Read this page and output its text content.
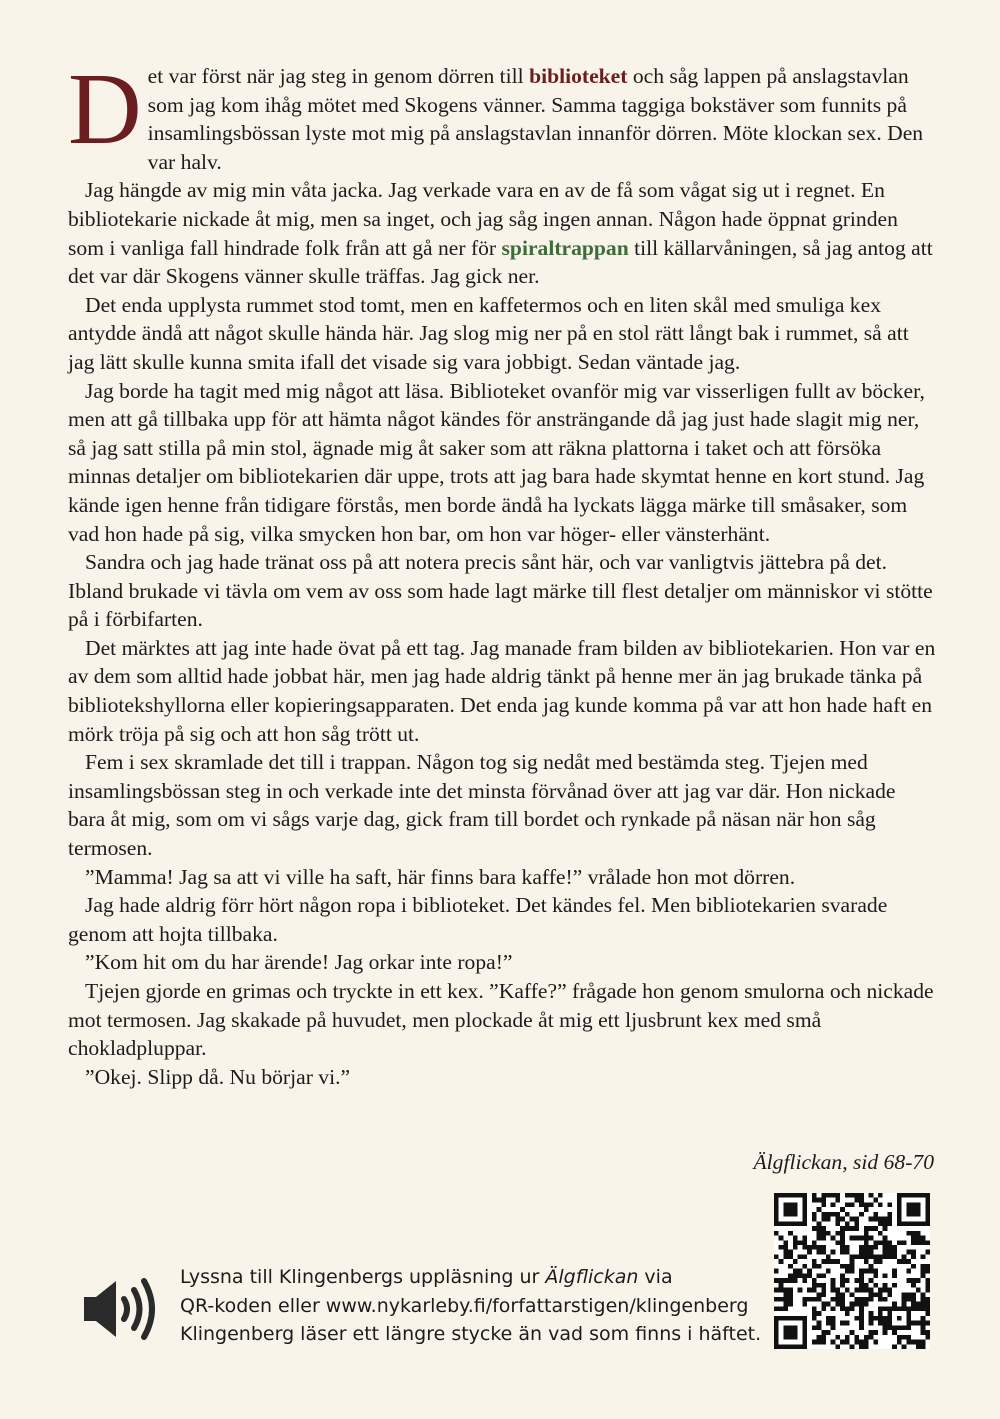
Det var först när jag steg in genom dörren till biblioteket och såg lappen på anslagstavlan som jag kom ihåg mötet med Skogens vänner. Samma taggiga bokstäver som funnits på insamlingsbössan lyste mot mig på anslagstavlan innanför dörren. Möte klockan sex. Den var halv.

Jag hängde av mig min våta jacka. Jag verkade vara en av de få som vågat sig ut i regnet. En bibliotekarie nickade åt mig, men sa inget, och jag såg ingen annan. Någon hade öppnat grinden som i vanliga fall hindrade folk från att gå ner för spiraltrappan till källarvåningen, så jag antog att det var där Skogens vänner skulle träffas. Jag gick ner.

Det enda upplysta rummet stod tomt, men en kaffetermos och en liten skål med smuliga kex antydde ändå att något skulle hända här. Jag slog mig ner på en stol rätt långt bak i rummet, så att jag lätt skulle kunna smita ifall det visade sig vara jobbigt. Sedan väntade jag.

Jag borde ha tagit med mig något att läsa. Biblioteket ovanför mig var visserligen fullt av böcker, men att gå tillbaka upp för att hämta något kändes för ansträngande då jag just hade slagit mig ner, så jag satt stilla på min stol, ägnade mig åt saker som att räkna plattorna i taket och att försöka minnas detaljer om bibliotekarien där uppe, trots att jag bara hade skymtat henne en kort stund. Jag kände igen henne från tidigare förstås, men borde ändå ha lyckats lägga märke till småsaker, som vad hon hade på sig, vilka smycken hon bar, om hon var höger- eller vänsterhänt.

Sandra och jag hade tränat oss på att notera precis sånt här, och var vanligtvis jättebra på det. Ibland brukade vi tävla om vem av oss som hade lagt märke till flest detaljer om människor vi stötte på i förbifarten.

Det märktes att jag inte hade övat på ett tag. Jag manade fram bilden av bibliotekarien. Hon var en av dem som alltid hade jobbat här, men jag hade aldrig tänkt på henne mer än jag brukade tänka på bibliotekshyllorna eller kopieringsapparaten. Det enda jag kunde komma på var att hon hade haft en mörk tröja på sig och att hon såg trött ut.

Fem i sex skramlade det till i trappan. Någon tog sig nedåt med bestämda steg. Tjejen med insamlingsbössan steg in och verkade inte det minsta förvånad över att jag var där. Hon nickade bara åt mig, som om vi sågs varje dag, gick fram till bordet och rynkade på näsan när hon såg termosen.

”Mamma! Jag sa att vi ville ha saft, här finns bara kaffe!” vrålade hon mot dörren.

Jag hade aldrig förr hört någon ropa i biblioteket. Det kändes fel. Men bibliotekarien svarade genom att hojta tillbaka.

”Kom hit om du har ärende! Jag orkar inte ropa!”

Tjejen gjorde en grimas och tryckte in ett kex. ”Kaffe?” frågade hon genom smulorna och nickade mot termosen. Jag skakade på huvudet, men plockade åt mig ett ljusbrunt kex med små chokladpluppar.

”Okej. Slipp då. Nu börjar vi.”

Älgflickan, sid 68-70
Lyssna till Klingenbergs uppläsning ur Älgflickan via
QR-koden eller www.nykarleby.fi/forfattarstigen/klingenberg
Klingenberg läser ett längre stycke än vad som finns i häftet.
